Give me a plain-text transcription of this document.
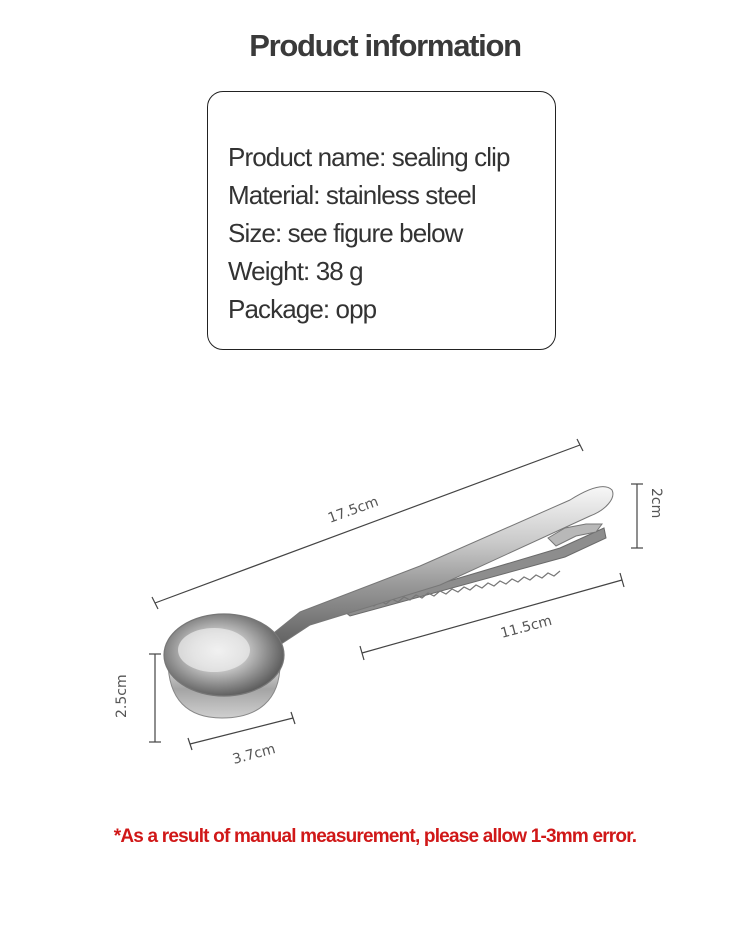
Product information
Product name: sealing clip
Material: stainless steel
Size: see figure below
Weight: 38 g
Package: opp
17.5cm	2cm
11.5cm
2.5cm
3.7cm
*As a result of manual measurement, please allow 1-3mm error.
